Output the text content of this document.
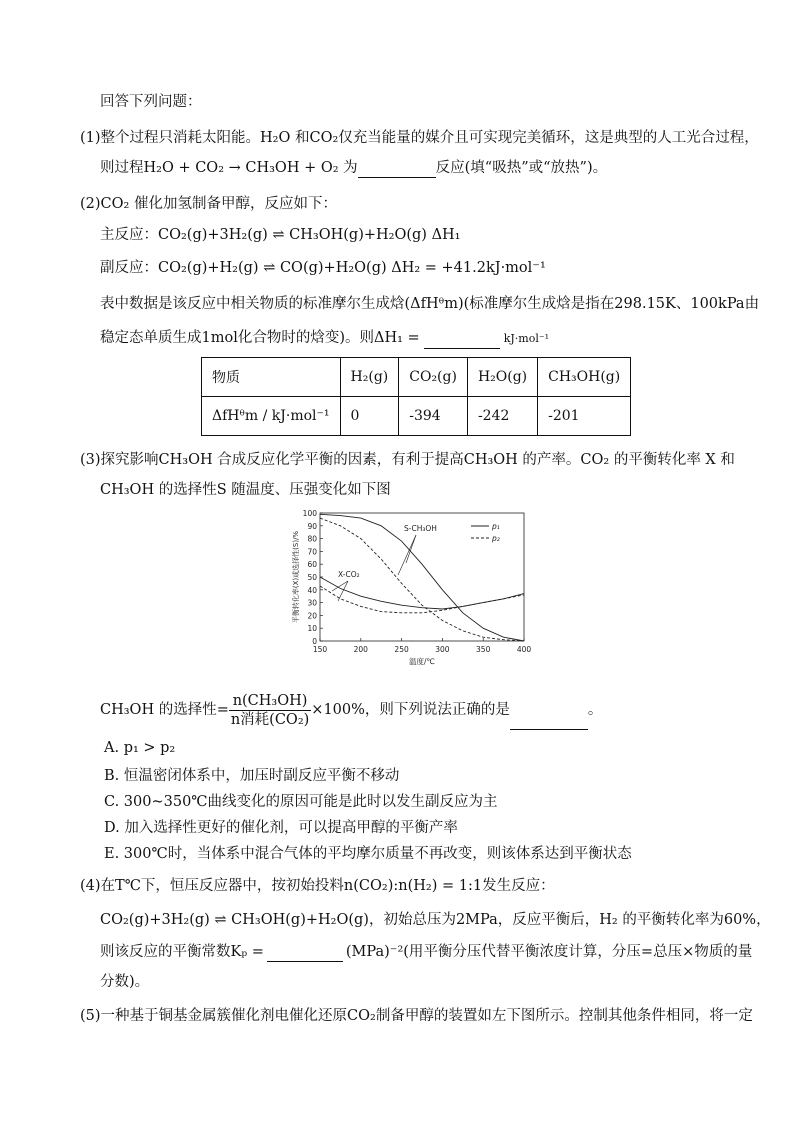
回答下列问题：
(1)整个过程只消耗太阳能。H₂O 和CO₂仅充当能量的媒介且可实现完美循环，这是典型的人工光合过程，
则过程H₂O + CO₂ → CH₃OH + O₂ 为	反应(填“吸热”或“放热”)。
(2)CO₂ 催化加氢制备甲醇，反应如下：
主反应：CO₂(g)+3H₂(g) ⇌ CH₃OH(g)+H₂O(g) ΔH₁
副反应：CO₂(g)+H₂(g) ⇌ CO(g)+H₂O(g) ΔH₂ = +41.2kJ·mol⁻¹
表中数据是该反应中相关物质的标准摩尔生成焓(ΔfHᶿm)(标准摩尔生成焓是指在298.15K、100kPa由
稳定态单质生成1mol化合物时的焓变)。则ΔH₁ =	kJ·mol⁻¹
物质	H₂(g)	CO₂(g)	H₂O(g)	CH₃OH(g)
ΔfHᶿm / kJ·mol⁻¹	0	-394	-242	-201
(3)探究影响CH₃OH 合成反应化学平衡的因素，有利于提高CH₃OH 的产率。CO₂ 的平衡转化率 X 和
CH₃OH 的选择性S 随温度、压强变化如下图
0
10
20
30
40
50
60
70
80
90
100
150	200	250	300	350	400
温度/℃
平衡转化率(X)或选择性(S)/%
p₁
p₂
S-CH₃OH
X-CO₂
CH₃OH 的选择性= $\frac{\text{n(CH₃OH)}}{\text{n消耗(CO₂)}} \times 100\%$，则下列说法正确的是	。
A. p₁ > p₂
B. 恒温密闭体系中，加压时副反应平衡不移动
C. 300~350℃曲线变化的原因可能是此时以发生副反应为主
D. 加入选择性更好的催化剂，可以提高甲醇的平衡产率
E. 300℃时，当体系中混合气体的平均摩尔质量不再改变，则该体系达到平衡状态
(4)在T℃下，恒压反应器中，按初始投料n(CO₂):n(H₂) = 1:1发生反应：
CO₂(g)+3H₂(g) ⇌ CH₃OH(g)+H₂O(g)，初始总压为2MPa，反应平衡后，H₂ 的平衡转化率为60%，
则该反应的平衡常数Kₚ =	(MPa)⁻²(用平衡分压代替平衡浓度计算，分压=总压×物质的量
分数)。
(5)一种基于铜基金属簇催化剂电催化还原CO₂制备甲醇的装置如左下图所示。控制其他条件相同，将一定
